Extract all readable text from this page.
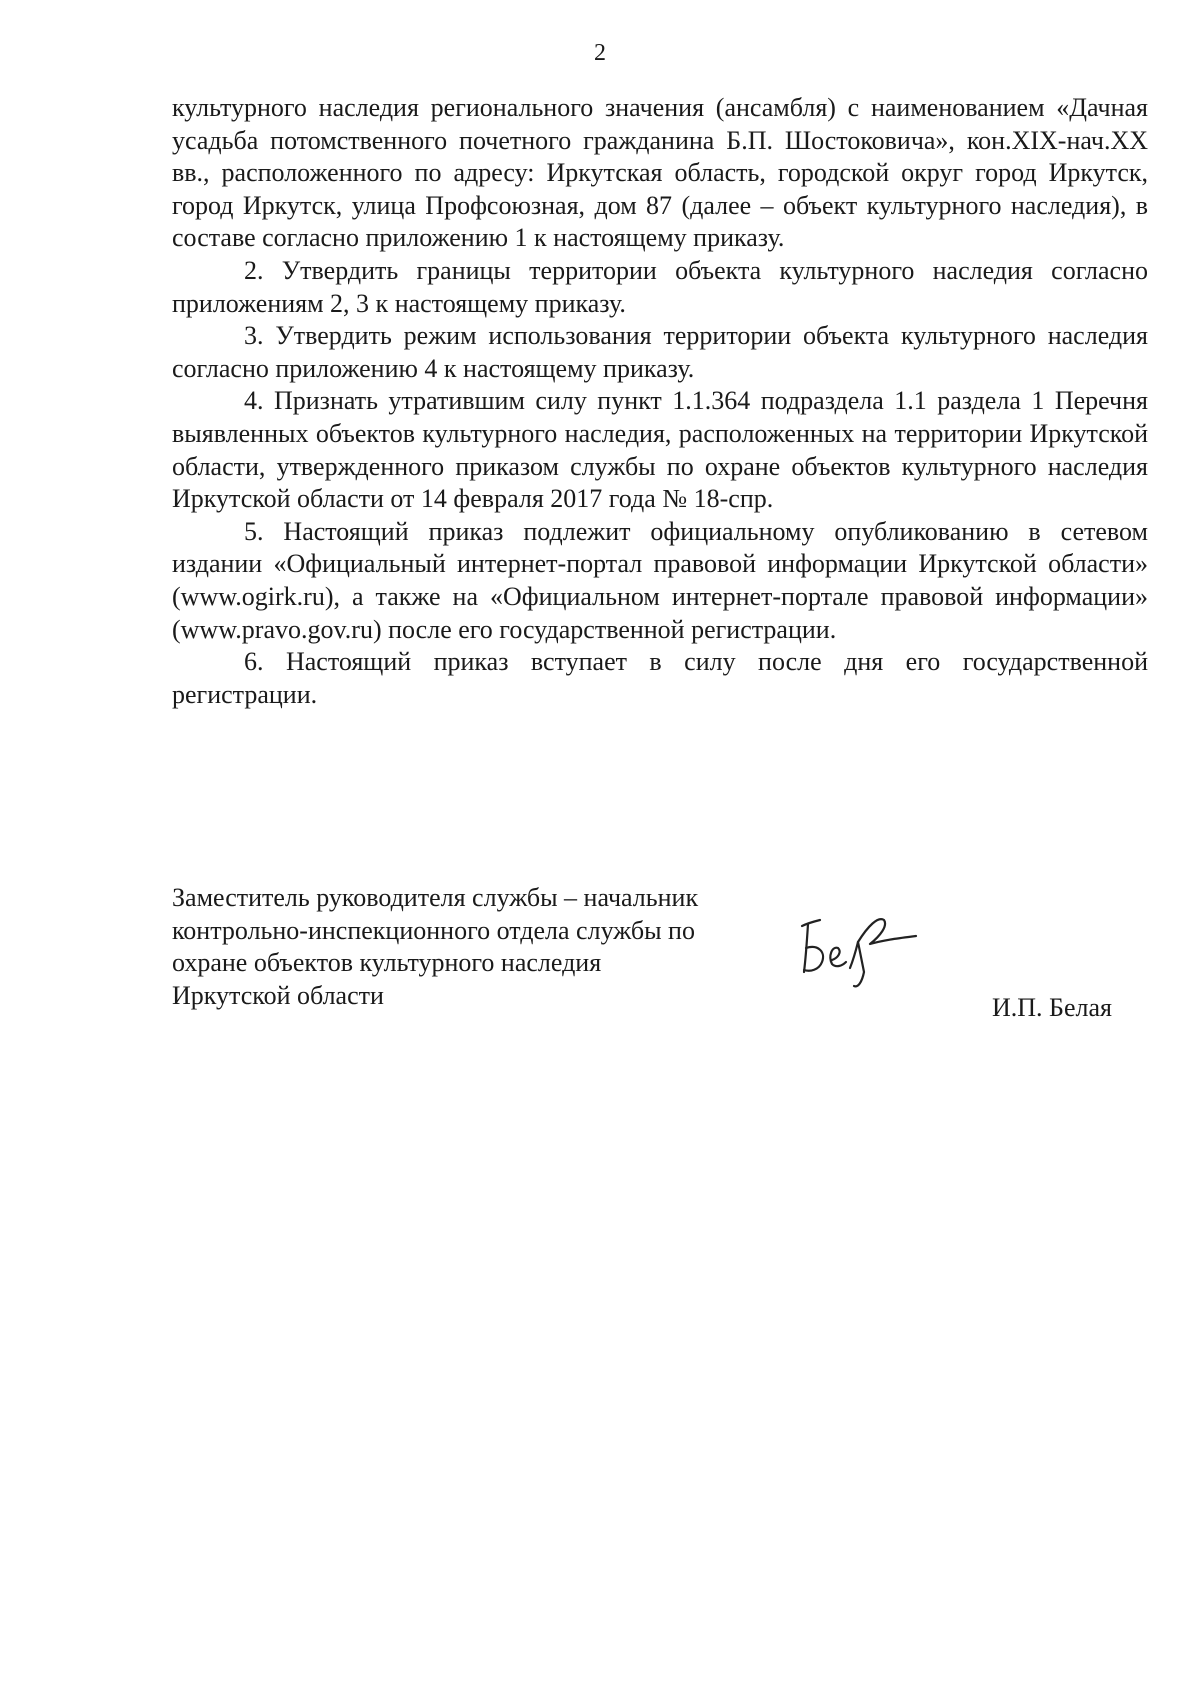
2

культурного наследия регионального значения (ансамбля) с наименованием «Дачная усадьба потомственного почетного гражданина Б.П. Шостоковича», кон.XIX-нач.XX вв., расположенного по адресу: Иркутская область, городской округ город Иркутск, город Иркутск, улица Профсоюзная, дом 87 (далее – объект культурного наследия), в составе согласно приложению 1 к настоящему приказу.

2. Утвердить границы территории объекта культурного наследия согласно приложениям 2, 3 к настоящему приказу.

3. Утвердить режим использования территории объекта культурного наследия согласно приложению 4 к настоящему приказу.

4. Признать утратившим силу пункт 1.1.364 подраздела 1.1 раздела 1 Перечня выявленных объектов культурного наследия, расположенных на территории Иркутской области, утвержденного приказом службы по охране объектов культурного наследия Иркутской области от 14 февраля 2017 года № 18-спр.

5. Настоящий приказ подлежит официальному опубликованию в сетевом издании «Официальный интернет-портал правовой информации Иркутской области» (www.ogirk.ru), а также на «Официальном интернет-портале правовой информации» (www.pravo.gov.ru) после его государственной регистрации.

6. Настоящий приказ вступает в силу после дня его государственной регистрации.

Заместитель руководителя службы – начальник
контрольно-инспекционного отдела службы по
охране объектов культурного наследия
Иркутской области	И.П. Белая
